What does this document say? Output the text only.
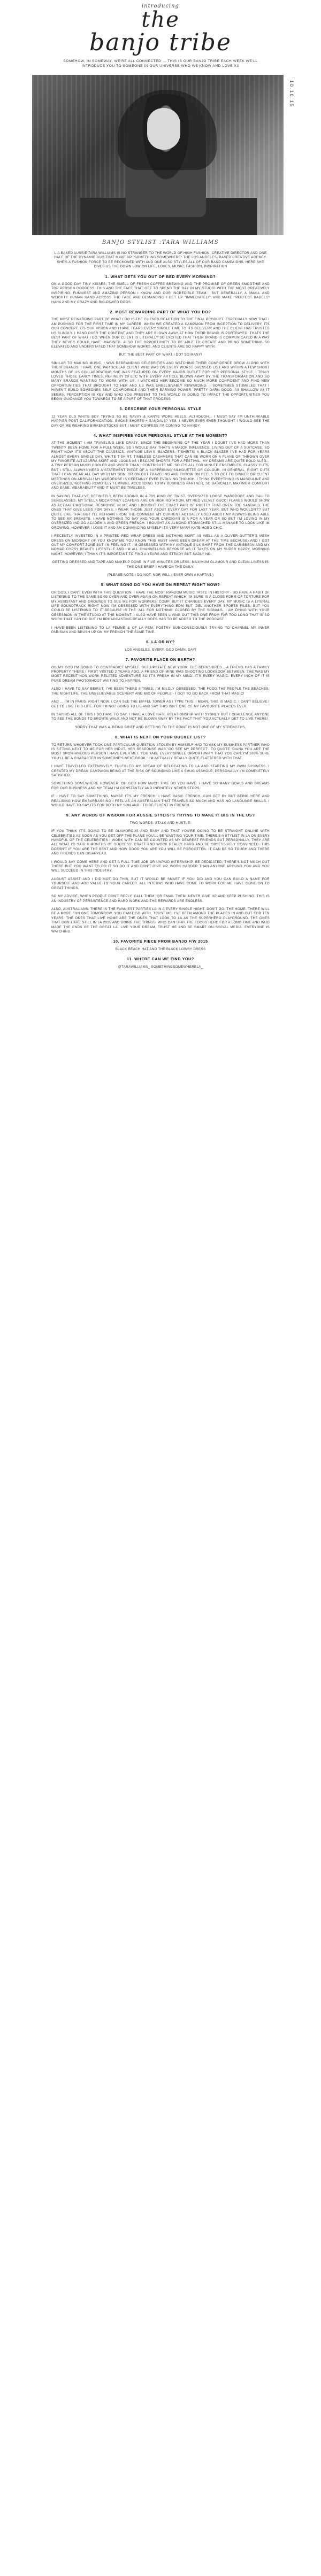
introducing
the
banjo tribe
SOMEHOW, IN SOMEWAY, WE'RE ALL CONNECTED ... THIS IS OUR BANJO TRIBE EACH WEEK WE'LL INTRODUCE YOU TO SOMEONE IN OUR UNIVERSE WHO WE KNOW AND LOVE XX
10.10.15
BANJO STYLIST :TARA WILLIAMS

L.A BASED AUSSIE TARA WILLIAMS IS NO STRANGER TO THE WORLD OF HIGH FASHION. CREATIVE DIRECTOR AND ONE HALF OF THE DYNAMIC DUO THAT MAKE UP "SOMETHING SOMEWHERE" THE LOS ANGELES- BASED CREATIVE AGENCY. SHE'S A FASHION FORCE TO BE RECKONED WITH AND ONE ALSO STYLES ALL OF OUR BAND CAMPAIGNS. HERE SHE DIVES US THE DOWN LOW ON LIFE, LOVES, MUSIC, FASHION, INSPIRATION

1. WHAT GETS YOU OUT OF BED EVERY MORNING?

ON A GOOD DAY TINY KISSES, THE SMELL OF FRESH COFFEE BREWING AND THE PROMISE OF GREEN SMOOTHIE AND TOP PERSON GODDESS. THIS AND THE FACT THAT GET TO SPEND THE DAY IN MY STUDIO WITH THE MOST CREATIVELY INSPIRING, FUNNIEST AND AMAZING PERSON I KNOW AND OUR INCREDIBLE TEAM... BUT GENERALLY, A SMALL AND WEIGHTY HUMAN HAND ACROSS THE FACE AND DEMANDING I GET UP "IMMEDIATELY" AND MAKE "PERFECT BAGELS" HAHA AND MY CRAZY AND BIG-PAWED DOGS.

2. MOST REWARDING PART OF WHAT YOU DO?

THE MOST REWARDING PART OF WHAT I DO IS THE CLIENTS REACTION TO THE FINAL PRODUCT. ESPECIALLY NOW THAT I AM PUSHING FOR THE FIRST TIME IN MY CAREER. WHEN WE CREATED A CAMPAIGN FROM INCEPTION TO DELIVERY, ITS OUR CONCEPT, ITS OUR VISION AND I HAVE TEARS EVERY SINGLE TIME TO ITS DELIVERY AND THE CLIENT HAS TRUSTED US BLINDLY. I HAND OVER THE CONTENT AND THEY ARE BLOWN AWAY AT HOW THEIR BRAND IS PORTRAYED. THATS THE BEST PART OF WHAT I DO, WHEN OUR CLIENT IS LITERALLY SO EXCITED THAT THEIR BRAND IS COMMUNICATED IN A WAY THEY NEVER COULD HAVE IMAGINED. ALSO THE OPPORTUNITY TO BE ABLE TO CREATE AND BRING SOMETHING SO ELEVATED AND UNDERSTATED THAT SOMEHOW WORKS, AND CLIENTS ARE SO HAPPY WITH.

BUT THE BEST PART OF WHAT I DO? SO MANY!

SIMILAR TO MAKING MUSIC, I WAS REBRANDING CELEBRITIES AND WATCHING THEIR CONFIDENCE GROW ALONG WITH THEIR BRANDS. I HAVE ONE PARTICULAR CLIENT WHO WAS ON EVERY WORST DRESSED LIST AND WITHIN A FEW SHORT MONTHS OF US COLLABORATING SHE WAS FEATURED ON EVERY MAJOR OUTLET FOR HER PERSONAL STYLE. I TRULY LOVED THOSE EARLY TIMES, REFINERY 29 ETC WITH EVERY ARTICLE BLOWN AWAY BY THE TRANSFORMATION AND SO MANY BRANDS WANTING TO WORK WITH US. I WATCHED HER BECOME SO MUCH MORE CONFIDENT AND FIND NEW OPPORTUNITIES THAT BROUGHT TO HER AND US WAS UNBELIEVABLY REWARDING. I SOMETIMES STUMBLED THAT I HAVEN'T BUILD SOMEONES SELF CONFIDENCE AND THEIR EARNING POWER. PRETTY DARN GOOD. AS SHALLOW AS IT SEEMS, PERCEPTION IS KEY AND WHO YOU PRESENT TO THE WORLD IS GOING TO IMPACT THE OPPORTUNITIES YOU BEGIN GUIDANCE YOU TOWARDS TO BE A PART OF THAT PROCESS.

3. DESCRIBE YOUR PERSONAL STYLE

12 YEAR OLD WHITE BOY TRYING TO BE NAVVY & KANYE WORE HEELS. ALTHOUGH... I MUST SAY I'M UNTHINKABLE HAPPIER POST CALIFORNICATION. SMOKE SHORTS + SANDALS? YES. I NEVER EVER EVER THOUGHT I WOULD SEE THE DAY OF ME WEARING BIRKENSTOCKS BUT I MUST CONFESS I'M COMING TO HANDY

4. WHAT INSPIRES YOUR PERSONAL STYLE AT THE MOMENT?

AT THE MOMENT I AM TRAVELING LIKE CRAZY. SINCE THE BEGINNING OF THE YEAR I DOUBT I'VE HAD MORE THAN TWENTY BEEN HOME FOR A FULL WEEK. SO I WOULD SAY THAT'S A MAJOR INFLUENCE, LIVING OUT OF A SUITCASE. SO RIGHT NOW IT'S ABOUT THE CLASSICS. VINTAGE LEVI'S, BLAZERS, T-SHIRTS. A BLACK BLAZER I'VE HAD FOR YEARS ALMOST EVERY SINGLE DAY. WHITE T-SHIRT, TIMELESS CASHMERE THAT CAN BE WORN ON A PLANE OR THROWN OVER MY FAVORITE ALTUZARRA SKIRT AND LOOKS AS I ESCAPE SHORTS FOR A FESTIVAL. MY DREAMS ARE QUITE BOLD ALSO... A TINY PERSON MUCH COOLER AND WISER THAN I CONTRIBUTE ME. SO IT'S ALL FOR MINUTE ENSEMBLES. CLASSY CUTS, BUT I STILL ALWAYS NEED A STATEMENT PIECE OF A SURPRISING SILHOUETTE OR COLOUR. IN GENERAL, RIGHT CUTS THAT I CAN WEAR ALL DAY WITH MY SON, OR ON OUT TRAVELING AND THROW ON HEELS TO GET TO DINNER OR CLIENT MEETINGS ON ARRIVAL! MY WARDROBE IS CERTAINLY EVER EVOLVING THOUGH. I THINK EVERYTHING IS MASCULINE AND OVERSIZED, NOTHING REMOTELY FEMININE ACCORDING TO MY BUSINESS PARTNER, SO BASICALLY, MAXIMUM COMFORT AND EASE, WEARABILITY AND IT MUST BE TIMELESS.

IN SAYING THAT I'VE DEFINITELY BEEN ADDING IN A 70S KIND OF TWIST. OVERSIZED LOOSE WARDROBE AND CALLED SUNGLASSES. MY STELLA MCCARTNEY LOAFERS ARE ON HIGH ROTATION. MY RED VELVET GUCCI FLARES WOULD SHOW AS ACTUAL EMOTIONAL RESPONSE IN ME AND I BOUGHT THE EXACT PAIR OF PRETTY THAT OPEN TOE SANDALS. THE ONES THAT GIVE LEGS FOR DAYS. I WEAR THOSE JUST ABOUT EVERY DAY FOR LAST YEAR. BUT WHO WOULDN'T? BUT QUITE LIKE THAT BUT I'LL REFRAIN FROM THE COMMENT MY CURRENT ACTUALLY USED ABOUT MY ALWAYS BEING ABLE TO SEE MY BREASTS. I HAVE NOTHING TO SAY AND YOUR CARDIGAN IS A FOR A YEAR OR SO BUT I'M LOVING IN MY OVERSIZED INDIGO ACADEMIA AND GREEN FRENCH. I BOUGHT AN ALMOND STOMACHED STILL MANAGE TO LOOK LIKE IM GROWING. HOWEVER I LOVE IT AND AM CONVINCING MYSELF ITS VERY MARY KATE HOBO CHIC.

I RECENTLY INVESTED IN A PRINTED RED WRAP DRESS AND NOTHING SKIRT AS WELL AS A OLIVER GUTTER'S MESH DRESS ON MIDNIGHT (IF YOU KNOW ME YOU KNOW THIS MUST HAVE BEEN DREAM AT THE TIME BECAUSE) AND I GOT OUT MY COMFORT ZONE BUT I'M FEELING IT. I'M OBSESSED WITH MY ANTIQUE SILK SHIRT FROM THE CARIBBEAN AND MY NOMAD GYPSY BEAUTY LIFESTYLE AND I'M ALL CHANNELLING BEYONCE AS IT TAKES ON MY SUPER HAPPY, MORNING NIGHT. HOWEVER, I THINK IT'S IMPORTANT TO FIND A YEARS AND STEADY BUT SADLY NO.

GETTING DRESSED AND TAPE AND MAKEUP DONE IN FIVE MINUTES OR LESS. MAXIMUM GLAMOUR AND CLEAN-LINESS IS THE ONE BRIEF I HAVE ON THE DAILY.

(PLEASE NOTE I DO NOT, NOR WILL I EVER OWN A KAFTAN.)

5. WHAT SONG DO YOU HAVE ON REPEAT RIGHT NOW?

OH GOD, I CAN'T EVEN WITH THIS QUESTION. I HAVE THE MOST RANDOM MUSIC TASTE IN HISTORY - SO HAVE A HABIT OF LISTENING TO THE SAME SONG OVER AND OVER AGAIN ON REPEAT WHICH I'M SURE IS A CLOSE FORM OF TORTURE FOR MY ASSISTANT AND GROUNDS TO SUE ME FOR WORKERS' COMP. BUT IT CHANGES EVERY DAY. MY MUSIC IS A LITERAL LIFE SOUNDTRACK RIGHT NOW I'M OBSESSED WITH EVERYTHING EDM BUT 'DEL ANOTHER SPORTS FILES. BUT YOU COULD BE LISTENING TO IT BECAUSE IS THE 'ALL FOR NOTHING' CLOSED BY THE SIGNALS. I AM DYING WITH YOUR OBSESSION IN THE STUDIO AT THE MOMENT. I ALSO HAVE BEEN LIVING OUT THIS ONE FROM FAR TOO LONG THAT IS SO WORK THAT CAN DO BUT I'M BROADCASTING REALLY DOES HAS TO BE ADDED TO THE PODCAST.

I HAVE BEEN LISTENING TO LA FEMME & OF LA FEM, POETRY SUB-CONSCIOUSLY TRYING TO CHANNEL MY INNER PARISIAN AND BRUSH UP ON MY FRENCH THE SAME TIME.

6. LA OR NY?

LOS ANGELES. EVERY. GOD DAMN. DAY!

7. FAVORITE PLACE ON EARTH?

OH MY GOD I'M GOING TO CONTRADICT MYSELF. BUT UPSTATE NEW YORK. THE BERKSHIRES... A FRIEND HAS A FAMILY PROPERTY THERE I FIRST VISITED 2 YEARS AGO. A FRIEND OF MINE WAS SHOOTING LOOKBOOK BETWEEN. THE WAS MY MOST RECENT NON-WORK RELATED ADVENTURE SO IT'S FRESH IN MY MIND. IT'S EVERY MAGIC. EVERY INCH OF IT IS PURE DREAM PHOTOSHOOT WAITING TO HAPPEN.

ALSO I HAVE TO SAY BEIRUT, I'VE BEEN THERE 8 TIMES. I'M MILDLY OBSESSED. THE FOOD THE PEOPLE THE BEACHES. THE NIGHTLIFE. THE UNBELIEVABLE SCENERY AND MIX OF PEOPLE - I GOT TO GO BACK FROM THAT MAGIC!

AND ... I'M IN PARIS. RIGHT NOW. I CAN SEE THE EIFFEL TOWER AS I TYPE THIS. I MEAN, THIS IS MAGIC. I CAN'T BELIEVE I GET TO LIVE THIS LIFE. FOR I'M NOT GOING TO LIE AND SAY THIS ISN'T ONE OF MY FAVOURITE PLACES EVER.

IN SAYING ALL OF THIS I DO HAVE TO SAY, I HAVE A LOVE HATE RELATIONSHIP WITH SYDNEY BUT I CHALLENGE ANYONE TO SEE THE BONDS TO BRONTE WALK AND NOT BE BLOWN AWAY BY THE FACT THAT YOU ACTUALLY GET TO LIVE THERE!

SORRY THAT WAS 4. BEING BRIEF AND GETTING TO THE POINT IS NOT ONE OF MY STRENGTHS.

8. WHAT IS NEXT ON YOUR BUCKET LIST?

TO RETURN WHOEVER TOOK ONE PARTICULAR QUESTION STOLEN BY HIMSELF HAD TO ASK MY BUSINESS PARTNER WHO IS SITTING NEXT TO ME FOR HER INPUT. HER RESPONSE WAS 'GO SEE MY PERFECT'. TO QUOTE 'DIANA YOU ARE THE MOST SPONTANEOUS PERSON I HAVE EVER MET. YOU TAKE EVERY SINGLE OPPORTUNITY THAT YOU CAN. I'M 100% SURE YOU'LL BE A CHARACTER IN SOMEONE'S NEXT BOOK.' I'M ACTUALLY REALLY QUITE FLATTERED WITH THAT.

I HAVE TRAVELLED EXTENSIVELY, FULFILLED MY DREAM OF RELOCATING TO LA AND STARTING MY OWN BUSINESS. I CREATED MY DREAM CAMPAIGN BEING AT THE RISK OF SOUNDING LIKE A SMUG ASSHOLE, PERSONALLY I'M COMPLETELY SATISFIED.

SOMETHING SOMEWHERE HOWEVER, OH GOD HOW MUCH TIME DO YOU HAVE. I HAVE SO MANY GOALS AND DREAMS FOR OUR BUSINESS AND MY TEAM I'M CONSTANTLY AND INFINITELY NEVER STOPS.

IF I HAVE TO SAY SOMETHING, MAYBE IT'S MY FRENCH. I HAVE BASIC FRENCH, CAN GET BY BUT BEING HERE AND REALISING HOW EMBARRASSING I FEEL AS AN AUSTRALIAN THAT TRAVELS SO MUCH AND HAS NO LANGUAGE SKILLS. I WOULD HAVE TO SAY ITS FOR BOTH MY SON AND I TO BE FLUENT IN FRENCH.

9. ANY WORDS OF WISDOM FOR AUSSIE STYLISTS TRYING TO MAKE IT BIG IN THE US?

TWO WORDS. STALK AND HUSTLE.

IF YOU THINK IT'S GOING TO BE GLAMOROUS AND EASY AND THAT YOU'RE GOING TO BE STRAIGHT ONLINE WITH CELEBRITIES AS SOON AS YOU GET OFF THE PLANE YOU'LL BE WASTING YOUR TIME. THERE'S A STYLIST IN LA ON EVERY HANDFUL OF THE CELEBRITIES I WORK WITH CAN BE COUNTED AS MY DEAREST FRIENDS BUT PERSONALLY, THEY ARE ALL WHAT I'D SAID 6 MONTHS OF SUCCESS. CRAFT AND WORK REALLY HARD AND BE OBSESSIVELY CONVINCED. THIS DOESN'T IF YOU ARE THE BEST AND HOW GOOD YOU ARE YOU WILL BE FORGOTTEN. IT CAN BE SO TOUGH AND THERE AND FRIENDS CAN DISAPPEAR.

I WOULD SAY COME HERE AND GET A FULL TIME JOB OR UNPAID INTERNSHIP. BE DEDICATED, THERE'S NOT MUCH OUT THERE BUT YOU WANT TO DO IT SO DO IT AND DON'T GIVE UP. WORK HARDER THAN ANYONE AROUND YOU AND YOU WILL SUCCEED IN THIS INDUSTRY.

AUGUST ASSIST AND I DID NOT DO THIS, BUT IT WOULD BE SMART IF YOU DID AND YOU CAN BUILD A NAME FOR YOURSELF AND ADD VALUE TO YOUR CAREER. ALL INTERNS WHO HAVE COME TO WORK FOR ME HAVE GONE ON TO GREAT THINGS.

SO MY ADVICE, WHEN PEOPLE DON'T REPLY, CALL THEM. OR EMAIL THEM. NEVER GIVE UP AND KEEP PUSHING. THIS IS AN INDUSTRY OF PERSISTENCE AND HARD WORK AND THE REWARDS ARE ENDLESS.

ALSO, AUSTRALIANS: THERE IS THE FUNNIEST PARTIES LA IN A EVERY SINGLE NIGHT. DON'T GO. THE HOME. THERE WILL BE A MORE FUN ONE TOMORROW. YOU CAN'T GO WITH, TRUST ME. I'VE BEEN AMONG THE PLACES IN AND OUT FOR TEN YEARS. THE ONES THAT LIVE HOME ARE THE ONES THAT LOOK TO LA AS THE SUPERHERO PLAYGROUND. THE ONES THAT DON'T ARE STILL IN LA 2015 AND DOING THE THINGS. WHO CAN STAY THE FOCUS HERE FOR A LONG TIME AND WHO MADE THE ENDS OF THE GREAT LA. LIVE YOUR DREAM, TRUST ME AND BE SMART ON SOCIAL MEDIA. EVERYONE IS WATCHING.

10. FAVORITE PIECE FROM BANJO F/W 2015

BLACK BEACH HAT AND THE BLACK LOWRY DRESS

11. WHERE CAN WE FIND YOU?

@TARAWILLIAMS_ SOMETHINGSOMEWHERELA_
